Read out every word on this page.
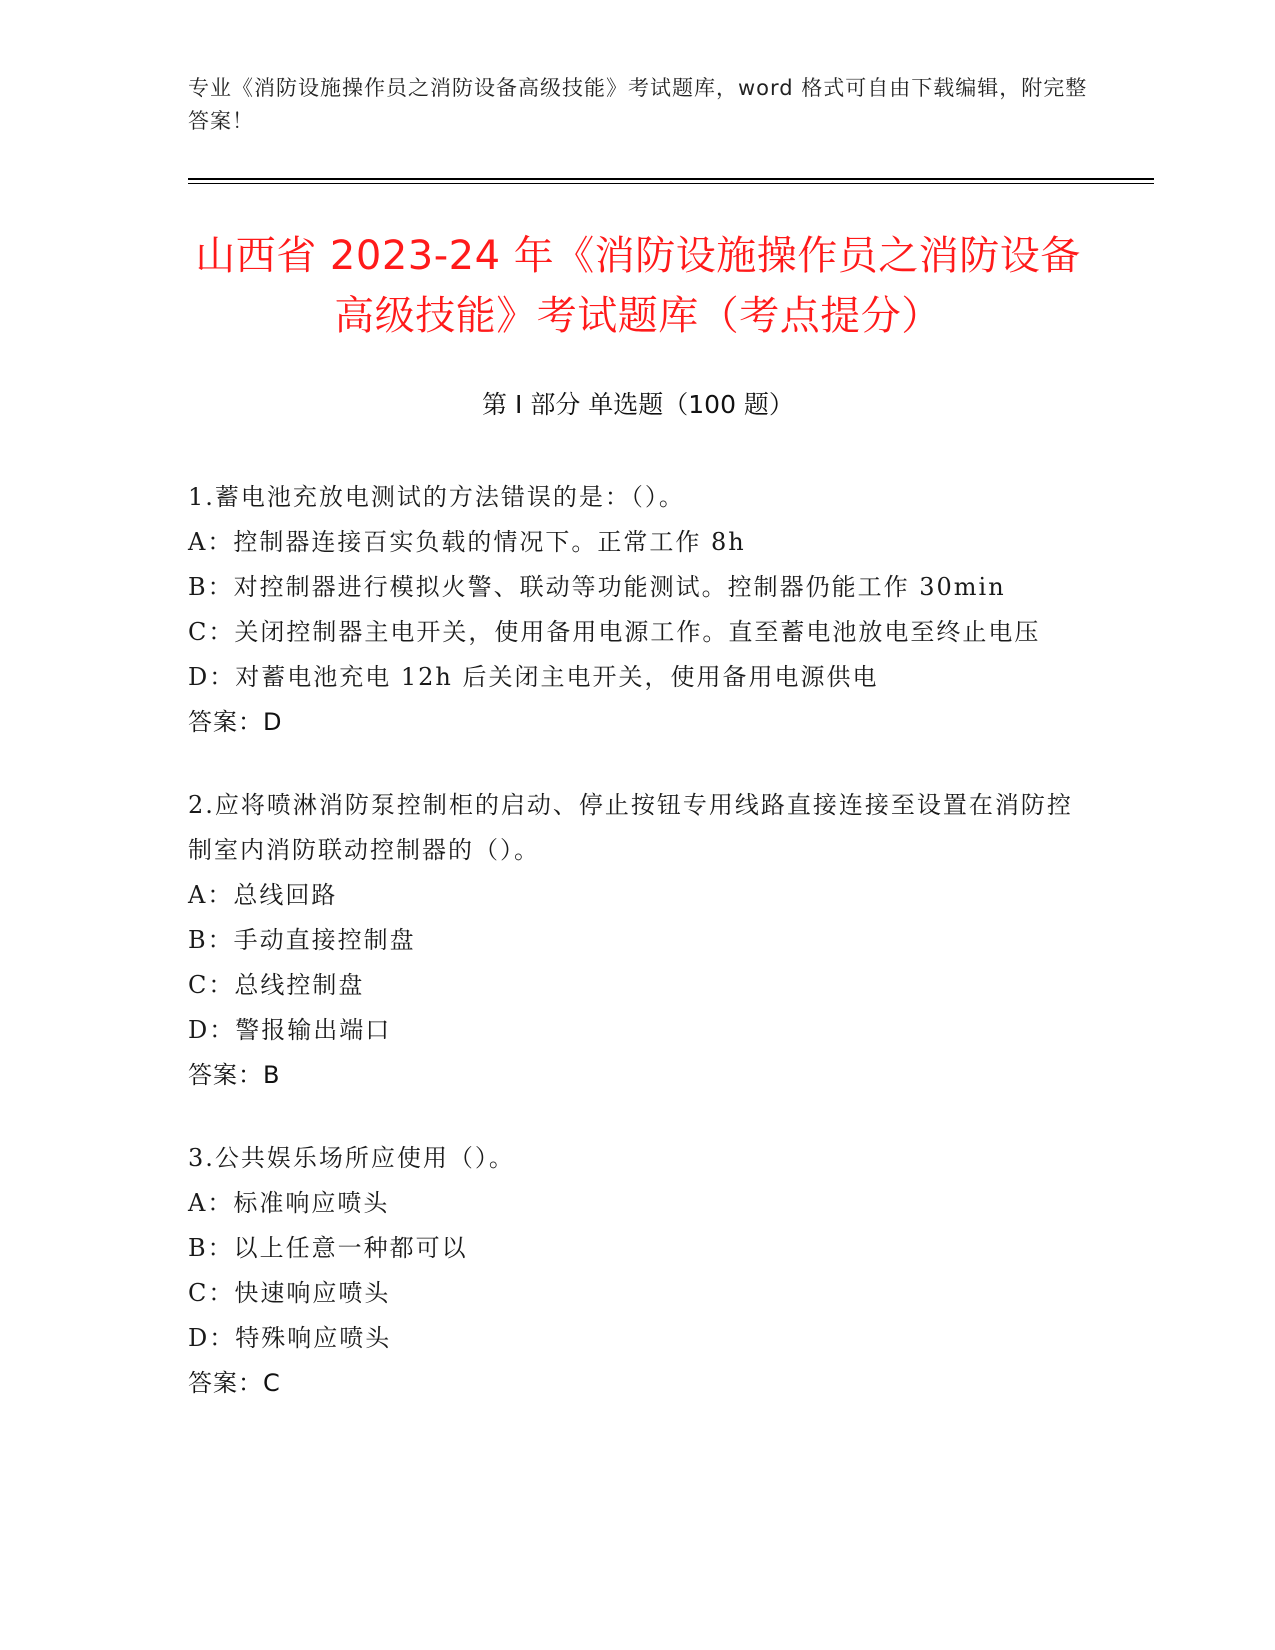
专业《消防设施操作员之消防设备高级技能》考试题库，word 格式可自由下载编辑，附完整答案！
山西省 2023-24 年《消防设施操作员之消防设备高级技能》考试题库（考点提分）
第 I 部分 单选题（100 题）
1.蓄电池充放电测试的方法错误的是：（）。
A：控制器连接百实负载的情况下。正常工作 8h
B：对控制器进行模拟火警、联动等功能测试。控制器仍能工作 30min
C：关闭控制器主电开关，使用备用电源工作。直至蓄电池放电至终止电压
D：对蓄电池充电 12h 后关闭主电开关，使用备用电源供电
答案：D
2.应将喷淋消防泵控制柜的启动、停止按钮专用线路直接连接至设置在消防控制室内消防联动控制器的（）。
A：总线回路
B：手动直接控制盘
C：总线控制盘
D：警报输出端口
答案：B
3.公共娱乐场所应使用（）。
A：标准响应喷头
B：以上任意一种都可以
C：快速响应喷头
D：特殊响应喷头
答案：C
